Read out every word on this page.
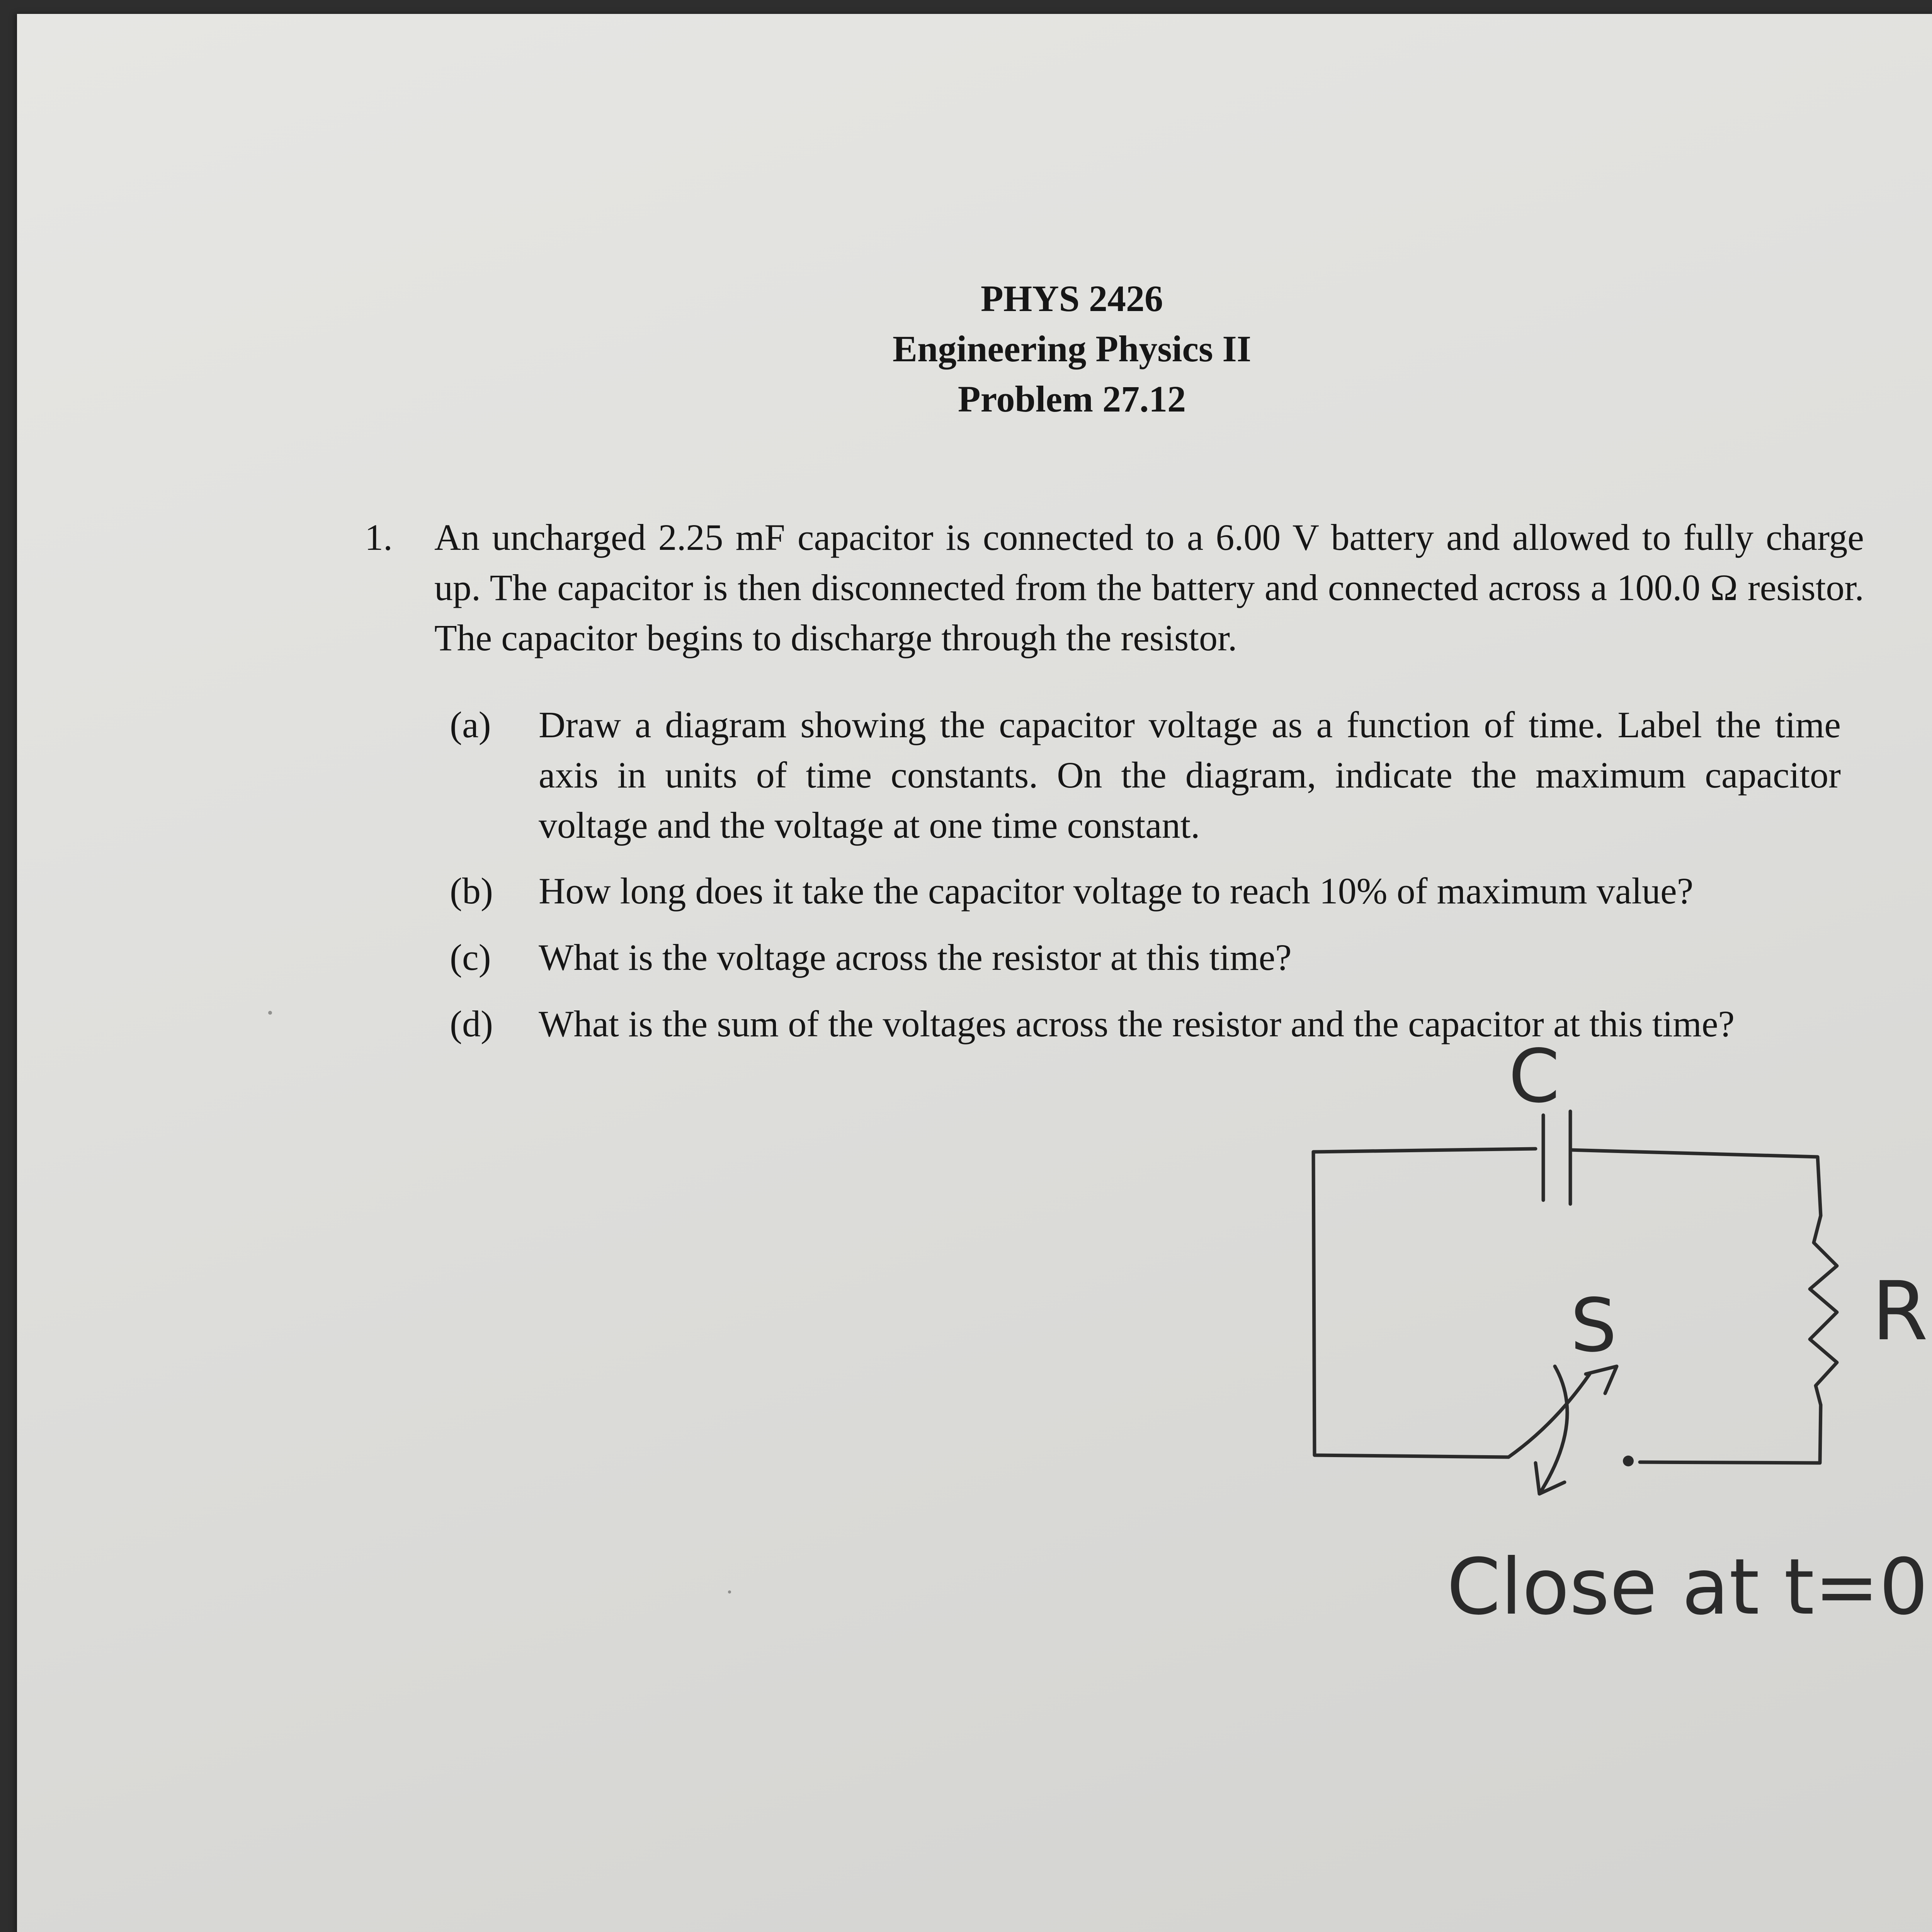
PHYS 2426
Engineering Physics II
Problem 27.12
1. An uncharged 2.25 mF capacitor is connected to a 6.00 V battery and allowed to fully charge up. The capacitor is then disconnected from the battery and connected across a 100.0 Ω resistor. The capacitor begins to discharge through the resistor.
(a) Draw a diagram showing the capacitor voltage as a function of time. Label the time axis in units of time constants. On the diagram, indicate the maximum capacitor voltage and the voltage at one time constant.
(b) How long does it take the capacitor voltage to reach 10% of maximum value?
(c) What is the voltage across the resistor at this time?
(d) What is the sum of the voltages across the resistor and the capacitor at this time?
C
S	R
Close at t=0
